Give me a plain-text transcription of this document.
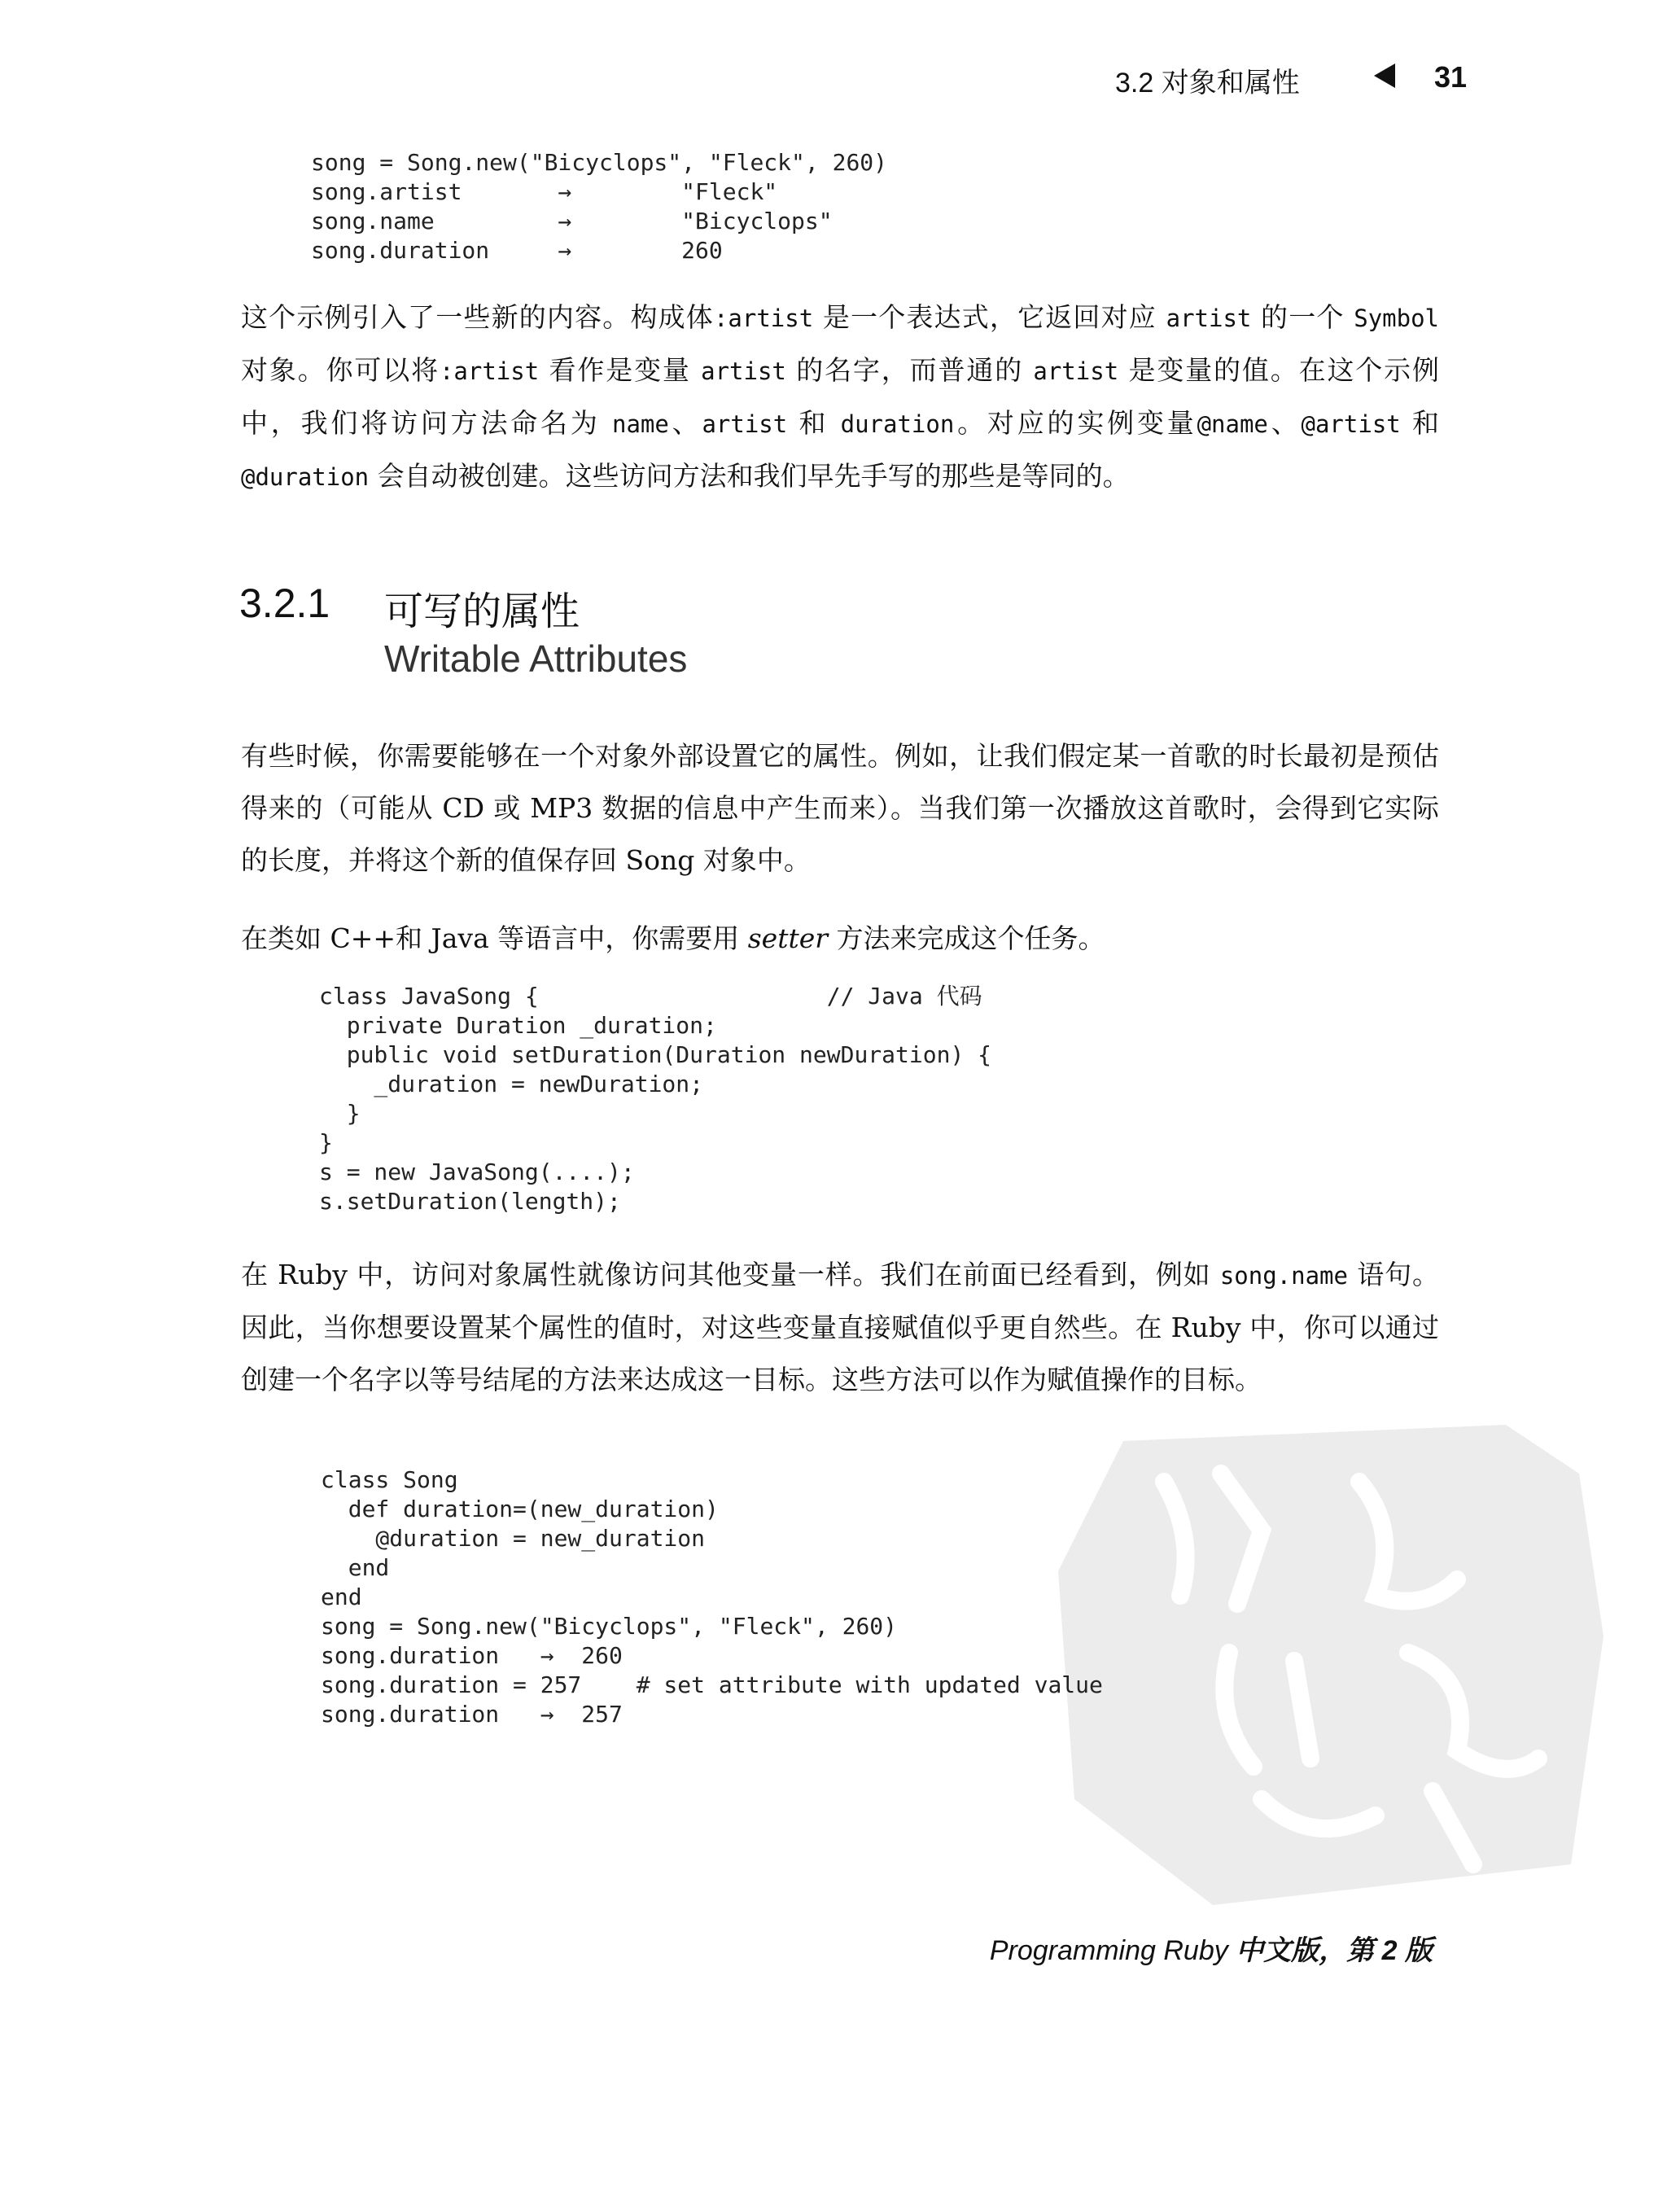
3.2 对象和属性	31
song = Song.new("Bicyclops", "Fleck", 260)
song.artist       →        "Fleck"
song.name         →        "Bicyclops"
song.duration     →        260

这个示例引入了一些新的内容。构成体:artist 是一个表达式，它返回对应 artist 的一个 Symbol 对象。你可以将:artist 看作是变量 artist 的名字，而普通的 artist 是变量的值。在这个示例中，我们将访问方法命名为 name、artist 和 duration。对应的实例变量@name、@artist 和@duration 会自动被创建。这些访问方法和我们早先手写的那些是等同的。

3.2.1 可写的属性
Writable Attributes

有些时候，你需要能够在一个对象外部设置它的属性。例如，让我们假定某一首歌的时长最初是预估得来的（可能从 CD 或 MP3 数据的信息中产生而来）。当我们第一次播放这首歌时，会得到它实际的长度，并将这个新的值保存回 Song 对象中。

在类如 C++和 Java 等语言中，你需要用 setter 方法来完成这个任务。

class JavaSong {                     // Java 代码
private Duration _duration;
public void setDuration(Duration newDuration) {
_duration = newDuration;
}
}
s = new JavaSong(....);
s.setDuration(length);

在 Ruby 中，访问对象属性就像访问其他变量一样。我们在前面已经看到，例如 song.name 语句。因此，当你想要设置某个属性的值时，对这些变量直接赋值似乎更自然些。在 Ruby 中，你可以通过创建一个名字以等号结尾的方法来达成这一目标。这些方法可以作为赋值操作的目标。

class Song
def duration=(new_duration)
@duration = new_duration
end
end
song = Song.new("Bicyclops", "Fleck", 260)
song.duration   →  260
song.duration = 257    # set attribute with updated value
song.duration   →  257
Programming Ruby 中文版，第 2 版
